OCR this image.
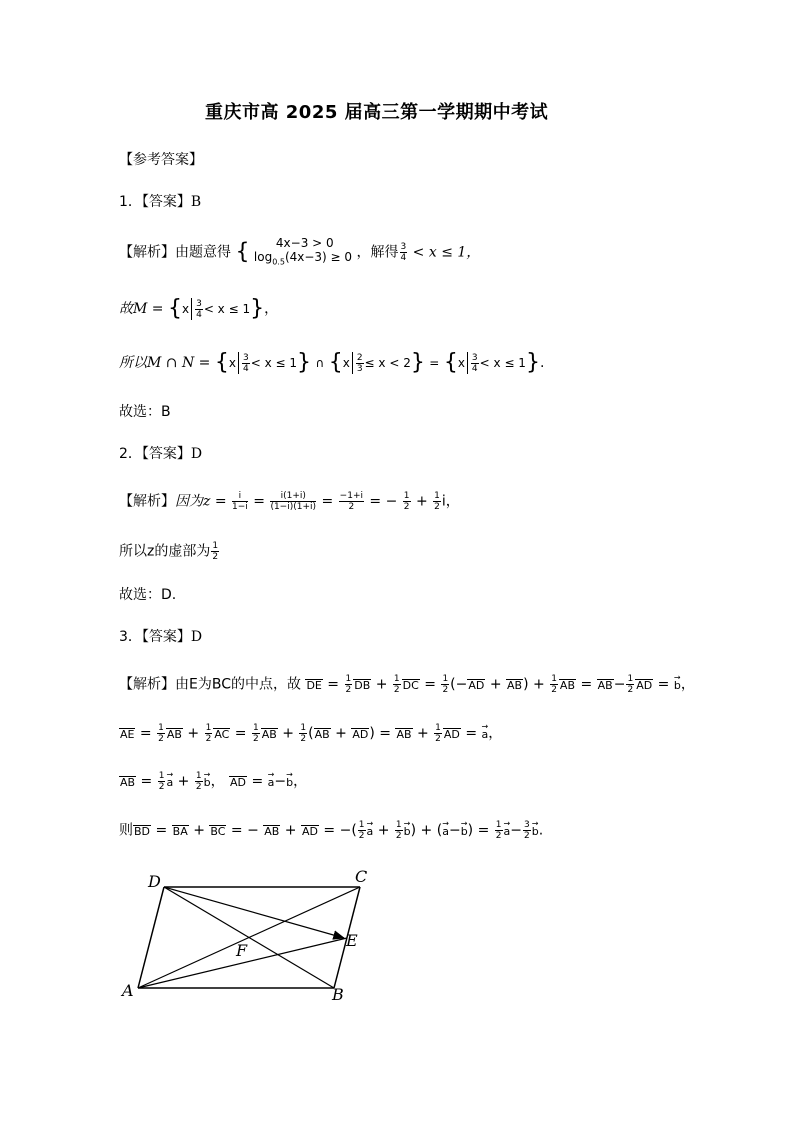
重庆市高 2025 届高三第一学期期中考试
【参考答案】
1．【答案】B
【解析】由题意得 {	4x−3 > 0
$\log_{0.5}(4x-3) \ge 0$ ，解得 $\frac{3}{4} < x \le 1$，
故$M = \{x \frac{3}{4} < x \le 1\}$，
所以M ∩ $N = \{x \frac{3}{4} < x \le 1\}$ ∩ $\{x \frac{2}{3} \le x < 2\} = \{x \frac{3}{4} < x \le 1\}$.
故选：B
2．【答案】D
【解析】因为$z = \frac{i}{1-i} = \frac{i(1+i)}{(1-i)(1+i)} = \frac{-1+i}{2}$ = − $\frac{1}{2} + \frac{1}{2}$ i，
所以z的虚部为 $\frac{1}{2}$
故选：D.
3．【答案】D
【解析】由E为BC的中点，故 DE = $\frac{1}{2}$ DB + $\frac{1}{2}$ DC = $\frac{1}{2} (-AD + AB) + \frac{1}{2}$ AB = $AB- \frac{1}{2}$ AD = → b，
AE = $\frac{1}{2}$ AB + $\frac{1}{2}$ AC = $\frac{1}{2}$ AB + $\frac{1}{2} (AB + AD)$ = AB + $\frac{1}{2}$ AD = → a，
AB = $\frac{1}{2}$
→ $a + \frac{1}{2}$
→ b， AD = → a−→ b，
则BD = BA + BC = − AB + AD = −( $\frac{1}{2}$
→ $a + \frac{1}{2}$
→ b) + (→ $a-\to b) = \frac{1}{2}$
→ $a- \frac{3}{2}$
→ b.
D	C
E
F
A	B
